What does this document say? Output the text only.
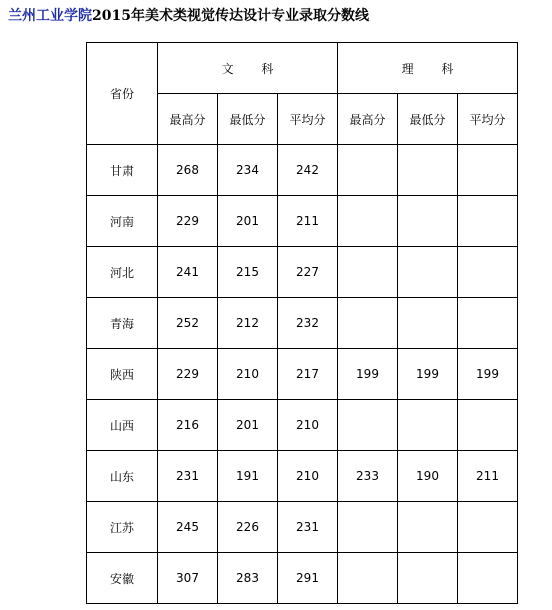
兰州工业学院2015年美术类视觉传达设计专业录取分数线
省份	文 科			理 科		
	最高分	最低分	平均分	最高分	最低分	平均分
甘肃	268	234	242			
河南	229	201	211			
河北	241	215	227			
青海	252	212	232			
陕西	229	210	217	199	199	199
山西	216	201	210			
山东	231	191	210	233	190	211
江苏	245	226	231			
安徽	307	283	291			
